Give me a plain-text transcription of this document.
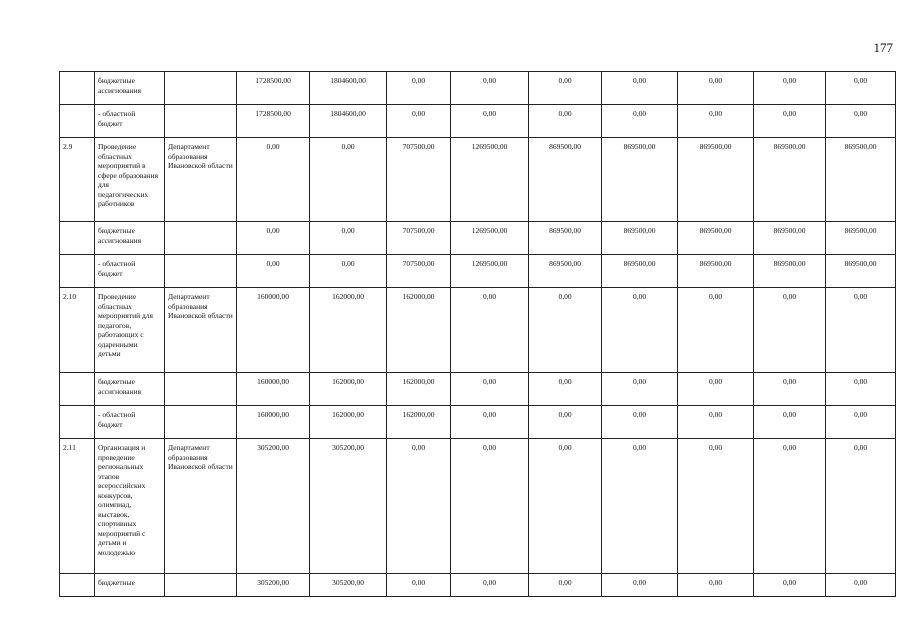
177
	бюджетные ассигнования		1728500,00	1804600,00	0,00	0,00	0,00	0,00	0,00	0,00	0,00
	- областной бюджет		1728500,00	1804600,00	0,00	0,00	0,00	0,00	0,00	0,00	0,00
2.9	Проведение областных мероприятий в сфере образования для педагогических работников	Департамент образования Ивановской области	0,00	0,00	707500,00	1269500,00	869500,00	869500,00	869500,00	869500,00	869500,00
	бюджетные ассигнования		0,00	0,00	707500,00	1269500,00	869500,00	869500,00	869500,00	869500,00	869500,00
	- областной бюджет		0,00	0,00	707500,00	1269500,00	869500,00	869500,00	869500,00	869500,00	869500,00
2.10	Проведение областных мероприятий для педагогов, работающих с одаренными детьми	Департамент образования Ивановской области	160000,00	162000,00	162000,00	0,00	0,00	0,00	0,00	0,00	0,00
	бюджетные ассигнования		160000,00	162000,00	162000,00	0,00	0,00	0,00	0,00	0,00	0,00
	- областной бюджет		160000,00	162000,00	162000,00	0,00	0,00	0,00	0,00	0,00	0,00
2.11	Организация и проведение региональных этапов всероссийских конкурсов, олимпиад, выставок, спортивных мероприятий с детьми и молодежью	Департамент образования Ивановской области	305200,00	305200,00	0,00	0,00	0,00	0,00	0,00	0,00	0,00
	бюджетные		305200,00	305200,00	0,00	0,00	0,00	0,00	0,00	0,00	0,00
